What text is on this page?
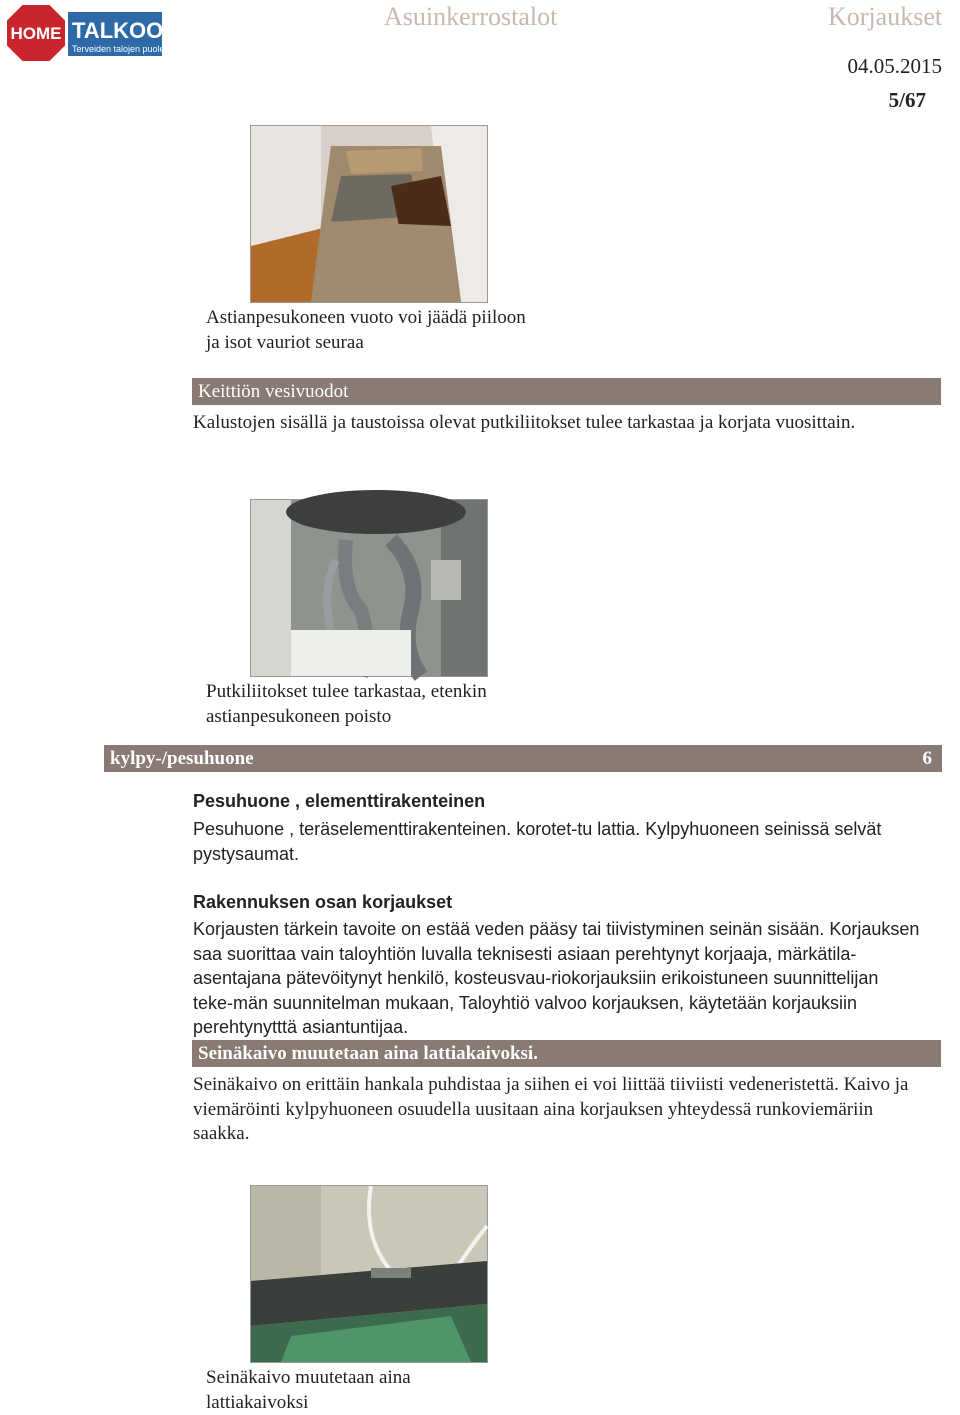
HOME TALKOOT.FI
Terveiden talojen puolesta
Asuinkerrostalot	Korjaukset
04.05.2015
5/67
Astianpesukoneen vuoto voi jäädä piiloon ja isot vauriot seuraa
Keittiön vesivuodot
Kalustojen sisällä ja taustoissa olevat putkiliitokset tulee tarkastaa ja korjata vuosittain.
Putkiliitokset tulee tarkastaa, etenkin astianpesukoneen poisto
kylpy-/pesuhuone	6
Pesuhuone , elementtirakenteinen
Pesuhuone , teräselementtirakenteinen. korotet-tu lattia. Kylpyhuoneen seinissä selvät pystysaumat.
Rakennuksen osan korjaukset
Korjausten tärkein tavoite on estää veden pääsy tai tiivistyminen seinän sisään. Korjauksen saa suorittaa vain taloyhtiön luvalla teknisesti asiaan perehtynyt korjaaja, märkätila-asentajana pätevöitynyt henkilö, kosteusvau-riokorjauksiin erikoistuneen suunnittelijan teke-män suunnitelman mukaan, Taloyhtiö valvoo korjauksen, käytetään korjauksiin perehtynytttä asiantuntijaa.
Seinäkaivo muutetaan aina lattiakaivoksi.
Seinäkaivo on erittäin hankala puhdistaa ja siihen ei voi liittää tiiviisti vedeneristettä. Kaivo ja viemäröinti kylpyhuoneen osuudella uusitaan aina korjauksen yhteydessä runkoviemäriin saakka.
Seinäkaivo muutetaan aina lattiakaivoksi
